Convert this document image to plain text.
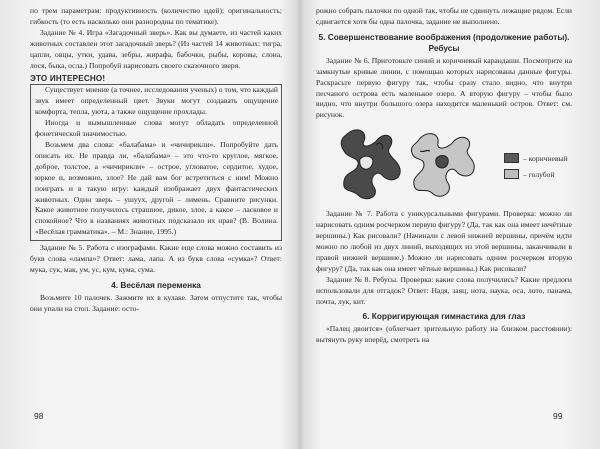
по трем параметрам: продуктивность (количество идей); оригинальность; гибкость (то есть насколько они разнородны по тематике).

Задание № 4. Игра «Загадочный зверь». Как вы думаете, из частей каких животных составлен этот загадочный зверь? (Из частей 14 животных: тигра, цапли, овцы, утки, удава, зебры, жирафа, бабочки, рыбы, коровы, слона, лося, быка, осла.) Попробуй нарисовать своего сказочного зверя.

ЭТО ИНТЕРЕСНО!

Существует мнение (а точнее, исследования ученых) о том, что каждый звук имеет определенный цвет. Звуки могут создавать ощущение комфорта, тепла, уюта, а также ощущение прохлады.

Иногда и вымышленные слова могут обладать определенной фонетической значимостью.

Возьмем два слова: «балабама» и «чичирикли». Попробуйте дать описать их. Не правда ли, «балабама» – это что-то круглое, мягкое, доброе, толстое, а «чичирикли» – острое, угловатое, сердитое, худое, юркое и, возможно, злое? Не дай вам бог встретиться с ним! Можно поиграть и в такую игру: каждый изображает двух фантастических животных. Один зверь – ушуух, другой – лимень. Сравните рисунки. Какое животное получилось страшное, дикое, злое, а какое – ласковое и спокойное? Что в названиях животных подсказало их нрав? (В. Волина. «Весёлая грамматика». – М.: Знание, 1995.)

Задание № 5. Работа с изографами. Какие еще слова можно составить из букв слова «лампа»? Ответ: лама, лапа. А из букв слова «сумка»? Ответ: мука, сук, мак, ум, ус, кум, кума, сума.

4. Весёлая переменка

Возьмите 10 палочек. Зажмите их в кулаке. Затем отпустите так, чтобы они упали на стол. Задание: осто-

98

рожно собрать палочки по одной так, чтобы не сдвинуть лежащие рядом. Если сдвигается хотя бы одна палочка, задание не выполнено.

5. Совершенствование воображения (продолжение работы). Ребусы

Задание № 6. Приготовьте синий и коричневый карандаши. Посмотрите на замкнутые кривые линии, с помощью которых нарисованы данные фигуры. Раскрасьте первую фигуру так, чтобы сразу стало видно, что внутри песчаного острова есть маленькое озеро. А вторую фигуру – чтобы было видно, что внутри большого озера находится маленький остров. Ответ: см. рисунок.

– коричневый
– голубой

Задание № 7. Работа с уникурсальными фигурами. Проверка: можно ли нарисовать одним росчерком первую фигуру? (Да, так как она имеет нечётные вершины.) Как рисовали? (Начинали с левой нижней вершины, причём идти можно по любой из двух линий, выходящих из этой вершины, заканчивали в правой нижней вершине.) Можно ли нарисовать одним росчерком вторую фигуру? (Да, так как она имеет чётные вершины.) Как рисовали?

Задание № 8. Ребусы. Проверка: какие слова получились? Какие предлоги использовали для отгадок? Ответ: Надя, заяц, нота, наука, оса, лото, панама, почта, лук, кит.

6. Корригирующая гимнастика для глаз

«Палец двоится» (облегчает зрительную работу на близком расстоянии): вытянуть руку вперёд, смотреть на

99
